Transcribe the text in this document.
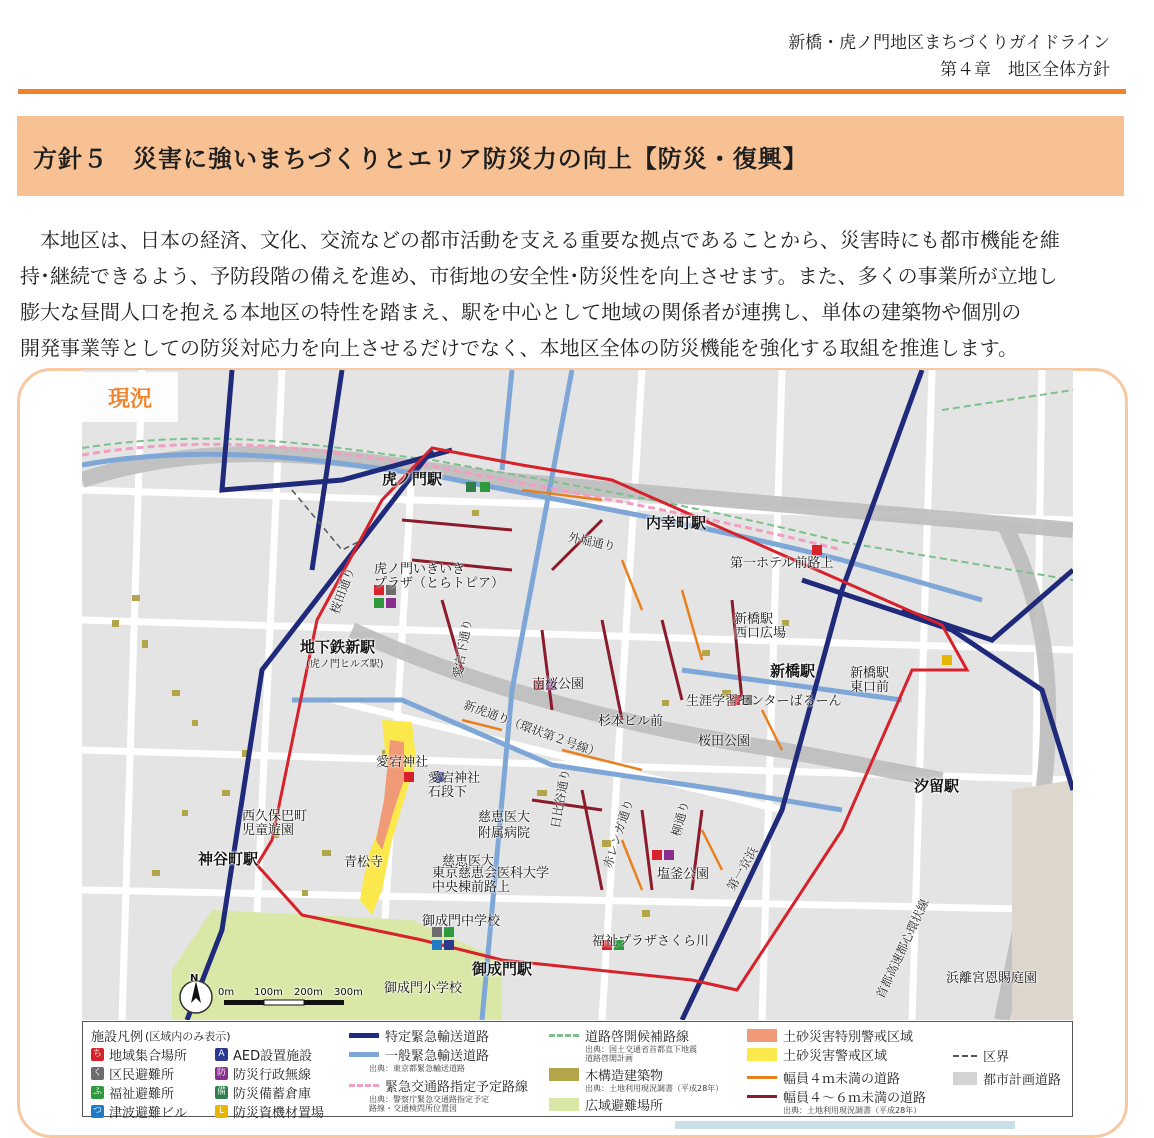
新橋・虎ノ門地区まちづくりガイドライン
第４章　地区全体方針
方針５　災害に強いまちづくりとエリア防災力の向上【防災・復興】

本地区は、日本の経済、文化、交流などの都市活動を支える重要な拠点であることから、災害時にも都市機能を維

持･継続できるよう、予防段階の備えを進め、市街地の安全性･防災性を向上させます。また、多くの事業所が立地し
膨大な昼間人口を抱える本地区の特性を踏まえ、駅を中心として地域の関係者が連携し、単体の建築物や個別の
開発事業等としての防災対応力を向上させるだけでなく、本地区全体の防災機能を強化する取組を推進します。
虎ノ門駅
内幸町駅
新橋駅
地下鉄新駅
(虎ノ門ヒルズ駅)
神谷町駅
御成門駅
汐留駅
虎ノ門いきいき
プラザ（とらトピア）
第一ホテル前路上
新橋駅
西口広場
新橋駅
東口前
南桜公園
生涯学習センターばるーん
杉本ビル前
桜田公園
愛宕神社
愛宕神社
石段下
西久保巴町
児童遊園
青松寺
慈恵医大
附属病院
慈恵医大
東京慈恵会医科大学
中央棟前路上
塩釜公園
御成門中学校
御成門小学校
福祉プラザさくら川
浜離宮恩賜庭園
外堀通り
桜田通り
愛宕下通り
新虎通り（環状第２号線）
日比谷通り 赤レンガ通り	柳通り
第一京浜
首都高速都心環状線
N
0m 100m 200m 300m
現況
施設凡例 (区域内のみ表示)
ち 地域集合場所
く 区民避難所
ふ 福祉避難所
つ 津波避難ビル
A AED設置施設
防 防災行政無線
備 防災備蓄倉庫
L 防災資機材置場
特定緊急輸送道路
一般緊急輸送道路
出典：東京都緊急輸送道路
緊急交通路指定予定路線
出典：警察庁緊急交通路指定予定
路線・交通検問所位置図
道路啓開候補路線
出典：国土交通省首都直下地震
道路啓開計画
木構造建築物
出典：土地利用現況調書（平成28年）
広域避難場所
土砂災害特別警戒区域
土砂災害警戒区域
幅員４ｍ未満の道路
幅員４～６ｍ未満の道路
出典：土地利用現況調書（平成28年）
区界
都市計画道路
